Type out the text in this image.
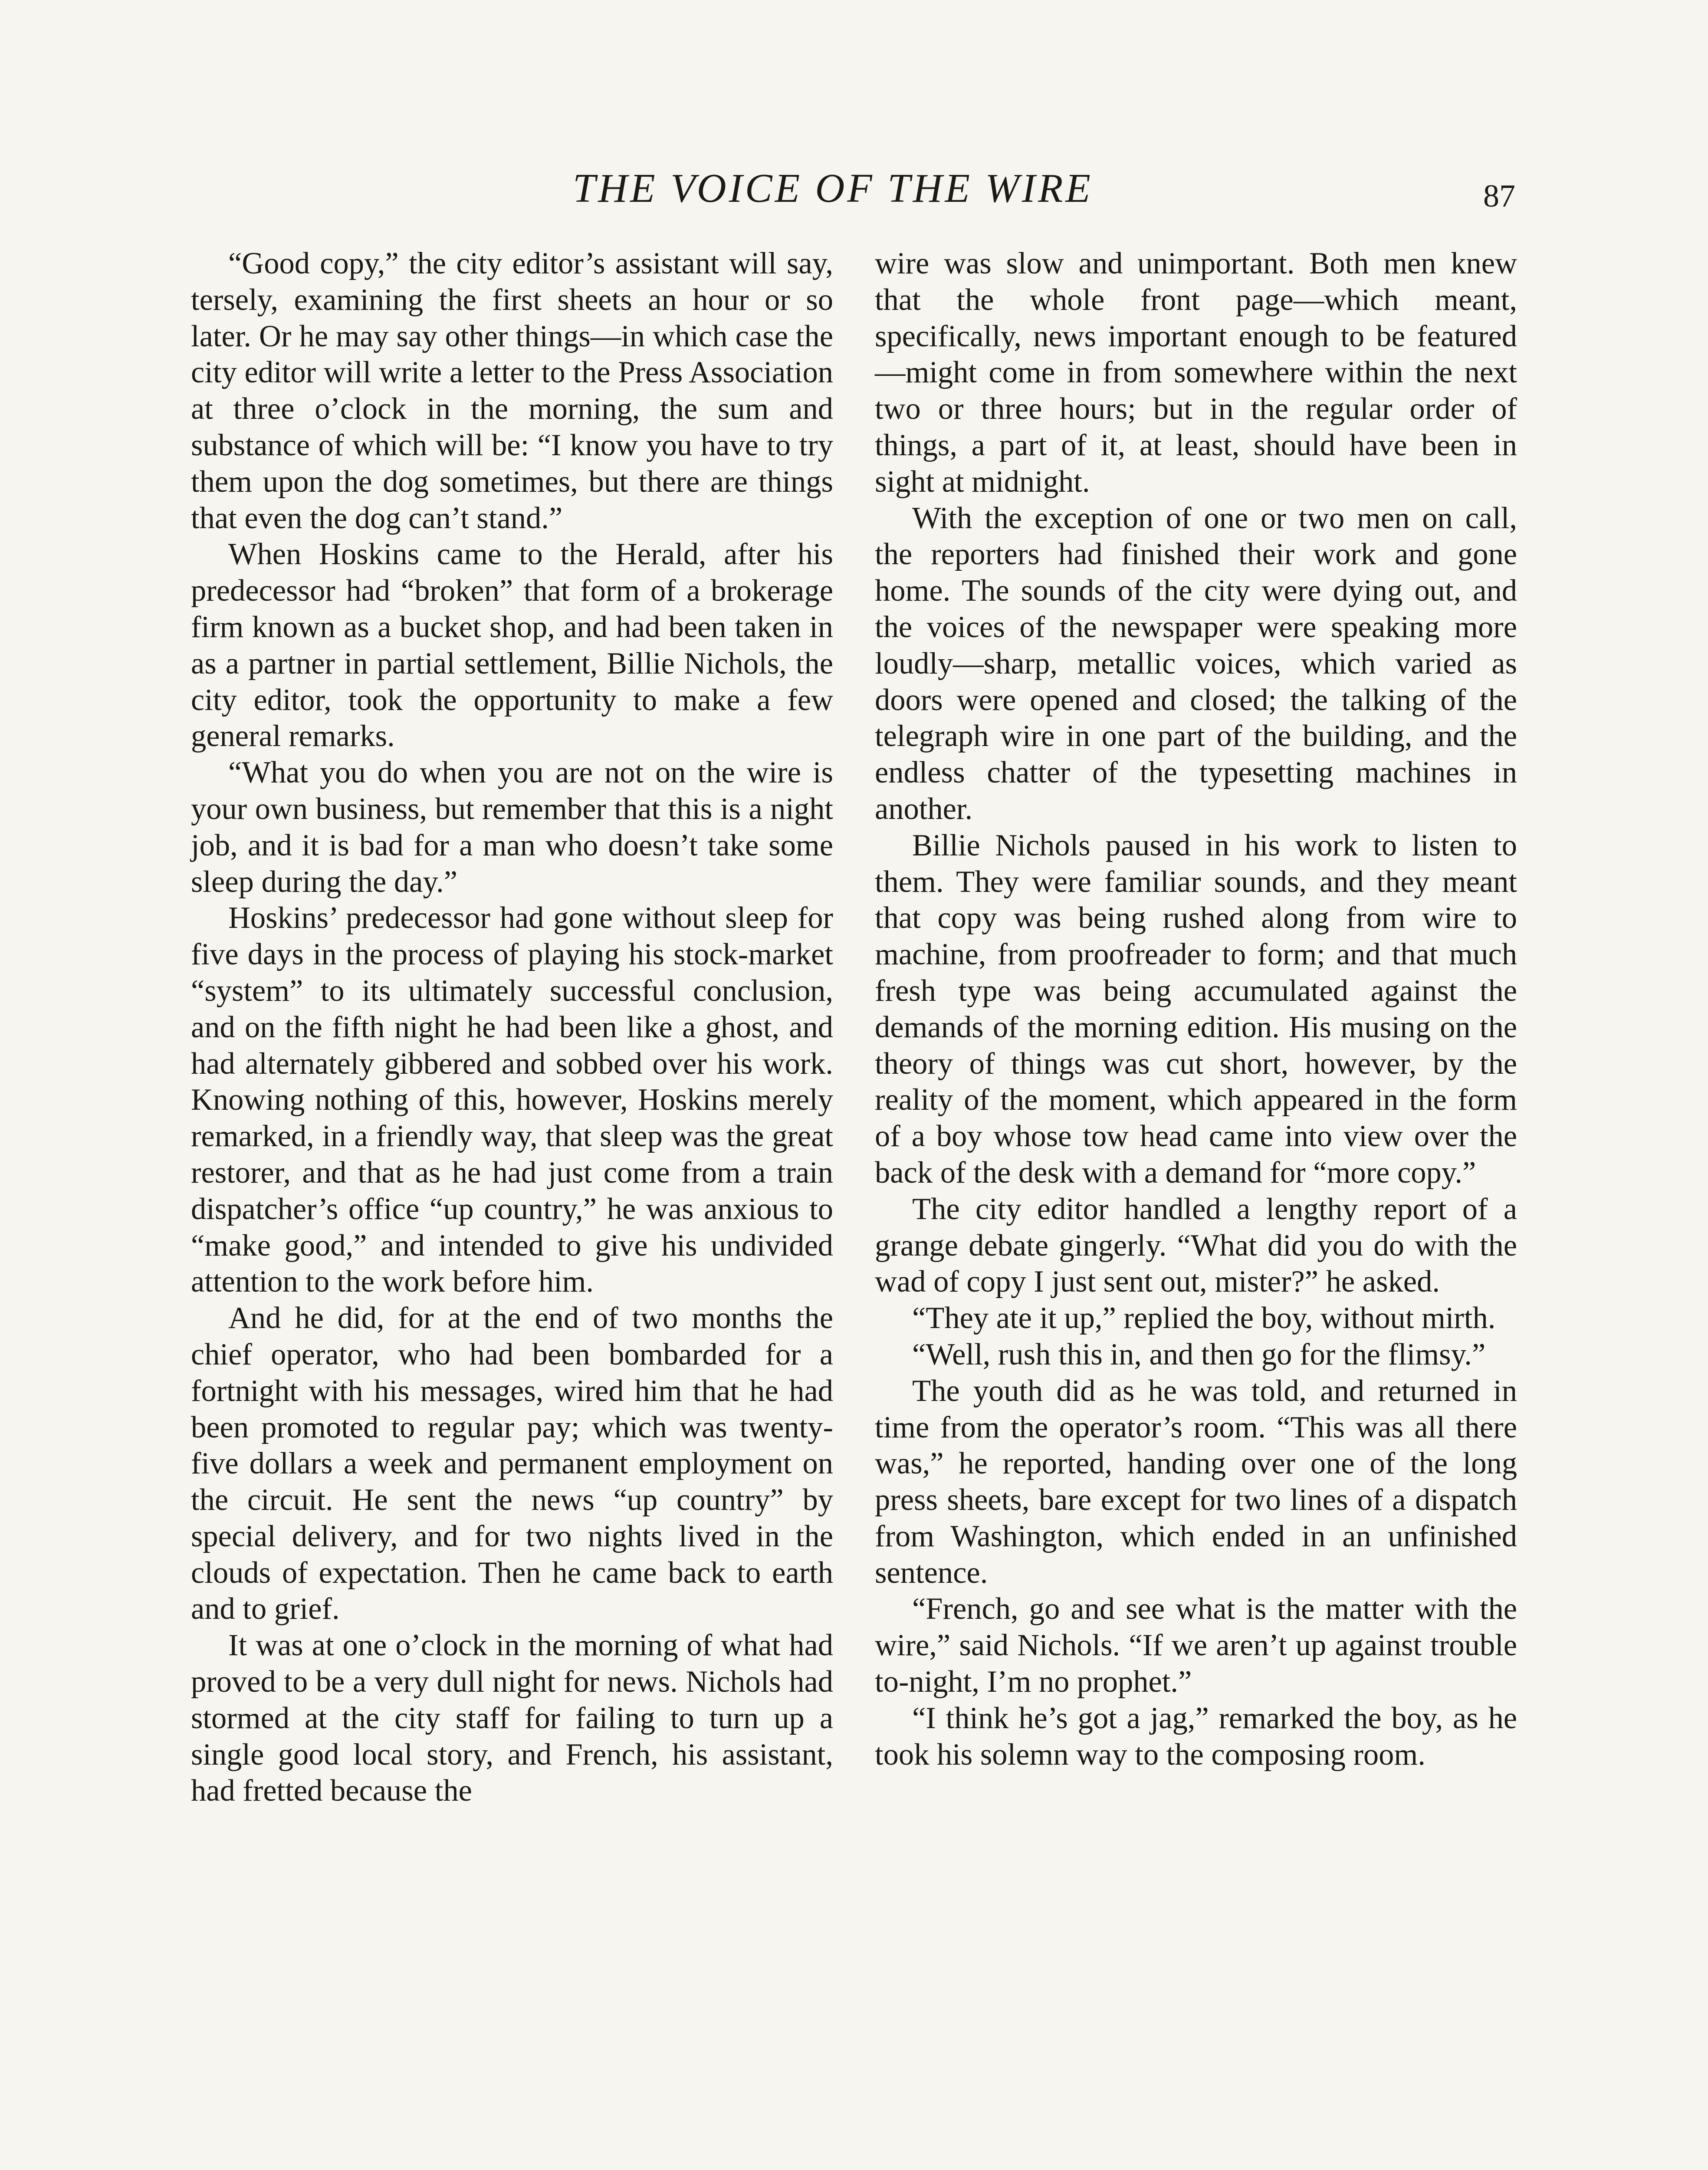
THE VOICE OF THE WIRE	87

“Good copy,” the city editor’s assistant will say, tersely, examining the first sheets an hour or so later. Or he may say other things—in which case the city editor will write a letter to the Press Association at three o’clock in the morning, the sum and substance of which will be: “I know you have to try them upon the dog sometimes, but there are things that even the dog can’t stand.”

When Hoskins came to the Herald, after his predecessor had “broken” that form of a brokerage firm known as a bucket shop, and had been taken in as a partner in partial settlement, Billie Nichols, the city editor, took the opportunity to make a few general remarks.

“What you do when you are not on the wire is your own business, but remember that this is a night job, and it is bad for a man who doesn’t take some sleep during the day.”

Hoskins’ predecessor had gone without sleep for five days in the process of playing his stock-market “system” to its ultimately successful conclusion, and on the fifth night he had been like a ghost, and had alternately gibbered and sobbed over his work. Knowing nothing of this, however, Hoskins merely remarked, in a friendly way, that sleep was the great restorer, and that as he had just come from a train dispatcher’s office “up country,” he was anxious to “make good,” and intended to give his undivided attention to the work before him.

And he did, for at the end of two months the chief operator, who had been bombarded for a fortnight with his messages, wired him that he had been promoted to regular pay; which was twenty-five dollars a week and permanent employment on the circuit. He sent the news “up country” by special delivery, and for two nights lived in the clouds of expectation. Then he came back to earth and to grief.

It was at one o’clock in the morning of what had proved to be a very dull night for news. Nichols had stormed at the city staff for failing to turn up a single good local story, and French, his assistant, had fretted because the

wire was slow and unimportant. Both men knew that the whole front page—which meant, specifically, news important enough to be featured—might come in from somewhere within the next two or three hours; but in the regular order of things, a part of it, at least, should have been in sight at midnight.

With the exception of one or two men on call, the reporters had finished their work and gone home. The sounds of the city were dying out, and the voices of the newspaper were speaking more loudly—sharp, metallic voices, which varied as doors were opened and closed; the talking of the telegraph wire in one part of the building, and the endless chatter of the typesetting machines in another.

Billie Nichols paused in his work to listen to them. They were familiar sounds, and they meant that copy was being rushed along from wire to machine, from proofreader to form; and that much fresh type was being accumulated against the demands of the morning edition. His musing on the theory of things was cut short, however, by the reality of the moment, which appeared in the form of a boy whose tow head came into view over the back of the desk with a demand for “more copy.”

The city editor handled a lengthy report of a grange debate gingerly. “What did you do with the wad of copy I just sent out, mister?” he asked.

“They ate it up,” replied the boy, without mirth.

“Well, rush this in, and then go for the flimsy.”

The youth did as he was told, and returned in time from the operator’s room. “This was all there was,” he reported, handing over one of the long press sheets, bare except for two lines of a dispatch from Washington, which ended in an unfinished sentence.

“French, go and see what is the matter with the wire,” said Nichols. “If we aren’t up against trouble to-night, I’m no prophet.”

“I think he’s got a jag,” remarked the boy, as he took his solemn way to the composing room.
